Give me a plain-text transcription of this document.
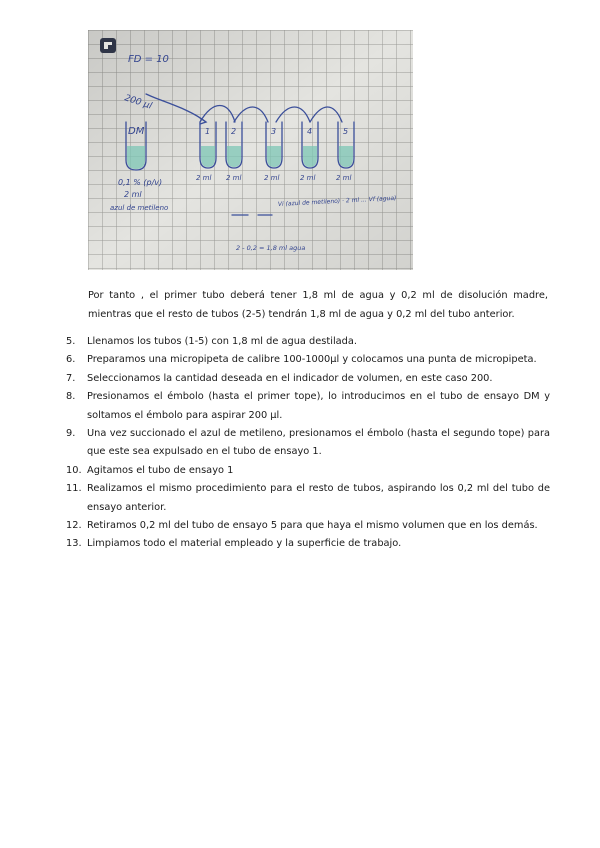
FD = 10
200 µl
DM	1	2	3	4	5
2 ml 2 ml	2 ml	2 ml	2 ml
0,1 % (p/v)
2 ml
azul de metileno
Vi (azul de metileno) · 2 ml ... Vf (agua)
2 - 0,2 = 1,8 ml agua

Por tanto , el primer tubo deberá tener 1,8 ml de agua y 0,2 ml de disolución madre, mientras que el resto de tubos (2-5) tendrán 1,8 ml de agua y 0,2 ml del tubo anterior.

5.	Llenamos los tubos (1-5) con 1,8 ml de agua destilada.
6.	Preparamos una micropipeta de calibre 100-1000µl y colocamos una punta de micropipeta.
7.	Seleccionamos la cantidad deseada en el indicador de volumen, en este caso 200.
8.	Presionamos el émbolo (hasta el primer tope), lo introducimos en el tubo de ensayo DM y soltamos el émbolo para aspirar 200 µl.
9.	Una vez succionado el azul de metileno, presionamos el émbolo (hasta el segundo tope) para que este sea expulsado en el tubo de ensayo 1.
10. Agitamos el tubo de ensayo 1
11. Realizamos el mismo procedimiento para el resto de tubos, aspirando los 0,2 ml del tubo de ensayo anterior.
12. Retiramos 0,2 ml del tubo de ensayo 5 para que haya el mismo volumen que en los demás.
13. Limpiamos todo el material empleado y la superficie de trabajo.
